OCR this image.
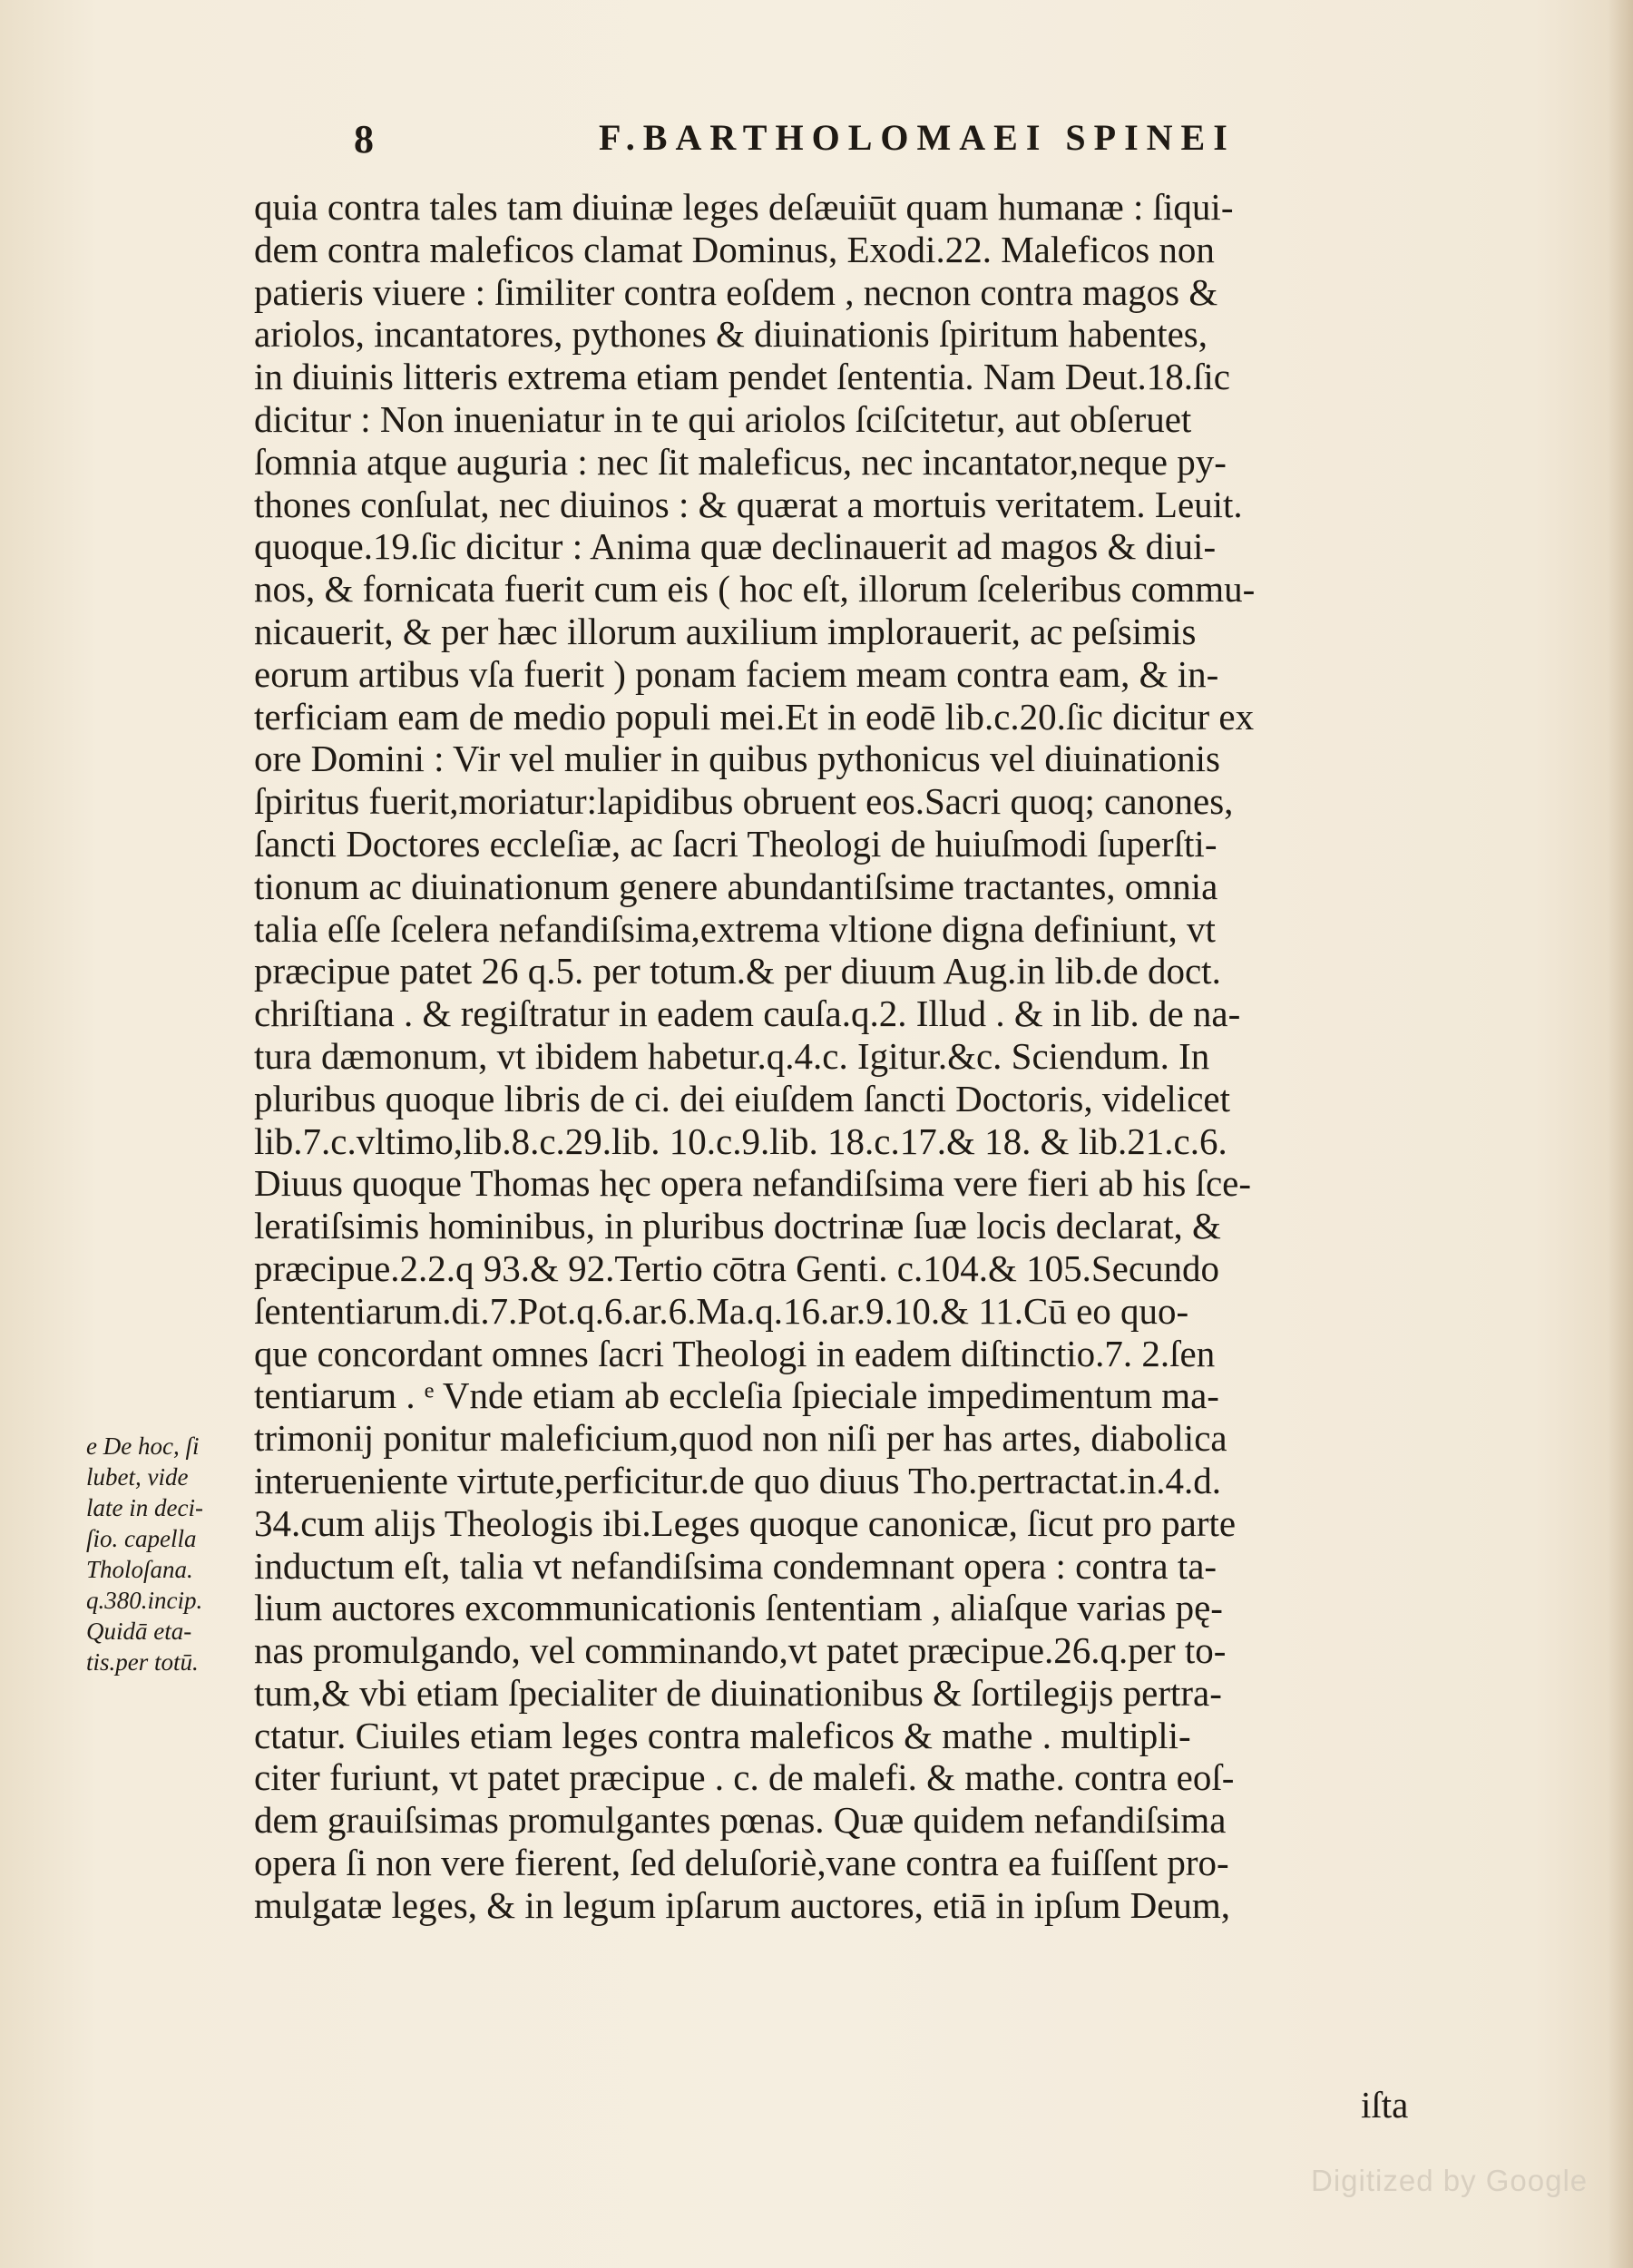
8	F.BARTHOLOMAEI SPINEI
quia contra tales tam diuinæ leges deſæuiūt quam humanæ : ſiqui-
dem contra maleficos clamat Dominus, Exodi.22. Maleficos non
patieris viuere : ſimiliter contra eoſdem , necnon contra magos &
ariolos, incantatores, pythones & diuinationis ſpiritum habentes,
in diuinis litteris extrema etiam pendet ſententia. Nam Deut.18.ſic
dicitur : Non inueniatur in te qui ariolos ſciſcitetur, aut obſeruet
ſomnia atque auguria : nec ſit maleficus, nec incantator,neque py-
thones conſulat, nec diuinos : & quærat a mortuis veritatem. Leuit.
quoque.19.ſic dicitur : Anima quæ declinauerit ad magos & diui-
nos, & fornicata fuerit cum eis ( hoc eſt, illorum ſceleribus commu-
nicauerit, & per hæc illorum auxilium implorauerit, ac peſsimis
eorum artibus vſa fuerit ) ponam faciem meam contra eam, & in-
terficiam eam de medio populi mei.Et in eodē lib.c.20.ſic dicitur ex
ore Domini : Vir vel mulier in quibus pythonicus vel diuinationis
ſpiritus fuerit,moriatur:lapidibus obruent eos.Sacri quoq; canones,
ſancti Doctores eccleſiæ, ac ſacri Theologi de huiuſmodi ſuperſti-
tionum ac diuinationum genere abundantiſsime tractantes, omnia
talia eſſe ſcelera nefandiſsima,extrema vltione digna definiunt, vt
præcipue patet 26 q.5. per totum.& per diuum Aug.in lib.de doct.
chriſtiana . & regiſtratur in eadem cauſa.q.2. Illud . & in lib. de na-
tura dæmonum, vt ibidem habetur.q.4.c. Igitur.&c. Sciendum. In
pluribus quoque libris de ci. dei eiuſdem ſancti Doctoris, videlicet
lib.7.c.vltimo,lib.8.c.29.lib. 10.c.9.lib. 18.c.17.& 18. & lib.21.c.6.
Diuus quoque Thomas hęc opera nefandiſsima vere fieri ab his ſce-
leratiſsimis hominibus, in pluribus doctrinæ ſuæ locis declarat, &
præcipue.2.2.q 93.& 92.Tertio cōtra Genti. c.104.& 105.Secundo
ſententiarum.di.7.Pot.q.6.ar.6.Ma.q.16.ar.9.10.& 11.Cū eo quo-
que concordant omnes ſacri Theologi in eadem diſtinctio.7. 2.ſen
tentiarum . ᵉ Vnde etiam ab eccleſia ſpieciale impedimentum ma-
trimonij ponitur maleficium,quod non niſi per has artes, diabolica
interueniente virtute,perficitur.de quo diuus Tho.pertractat.in.4.d.
34.cum alijs Theologis ibi.Leges quoque canonicæ, ſicut pro parte
inductum eſt, talia vt nefandiſsima condemnant opera : contra ta-
lium auctores excommunicationis ſententiam , aliaſque varias pę-
nas promulgando, vel comminando,vt patet præcipue.26.q.per to-
tum,& vbi etiam ſpecialiter de diuinationibus & ſortilegijs pertra-
ctatur. Ciuiles etiam leges contra maleficos & mathe . multipli-
citer furiunt, vt patet præcipue . c. de malefi. & mathe. contra eoſ-
dem grauiſsimas promulgantes pœnas. Quæ quidem nefandiſsima
opera ſi non vere fierent, ſed deluſoriè,vane contra ea fuiſſent pro-
mulgatæ leges, & in legum ipſarum auctores, etiā in ipſum Deum,
e De hoc, ſi
lubet, vide
late in deci-
ſio. capella
Tholoſana.
q.380.incip.
Quidā eta-
tis.per totū.
iſta
Digitized by Google
